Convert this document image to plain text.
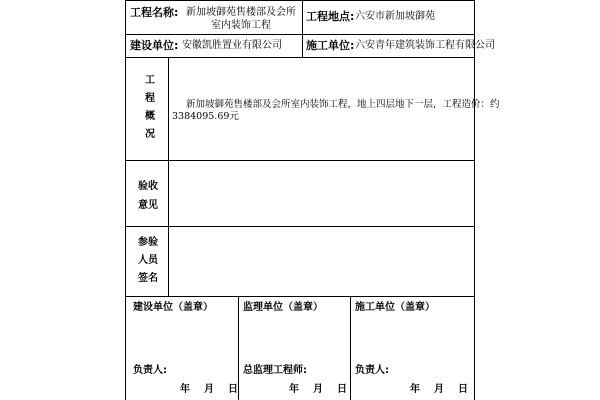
工程名称: 新加坡御苑售楼部及会所室内装饰工程
工程地点: 六安市新加坡御苑
建设单位: 安徽凯胜置业有限公司 施工单位: 六安青年建筑装饰工程有限公司
工
程
概
况
新加坡御苑售楼部及会所室内装饰工程，地上四层地下一层，工程造价：约
3384095.69元
验收
意见
参验
人员
签名
建设单位（盖章）
负责人:
年 月 日
监理单位（盖章）
总监理工程师:
年 月 日
施工单位（盖章）
负责人:
年 月 日
